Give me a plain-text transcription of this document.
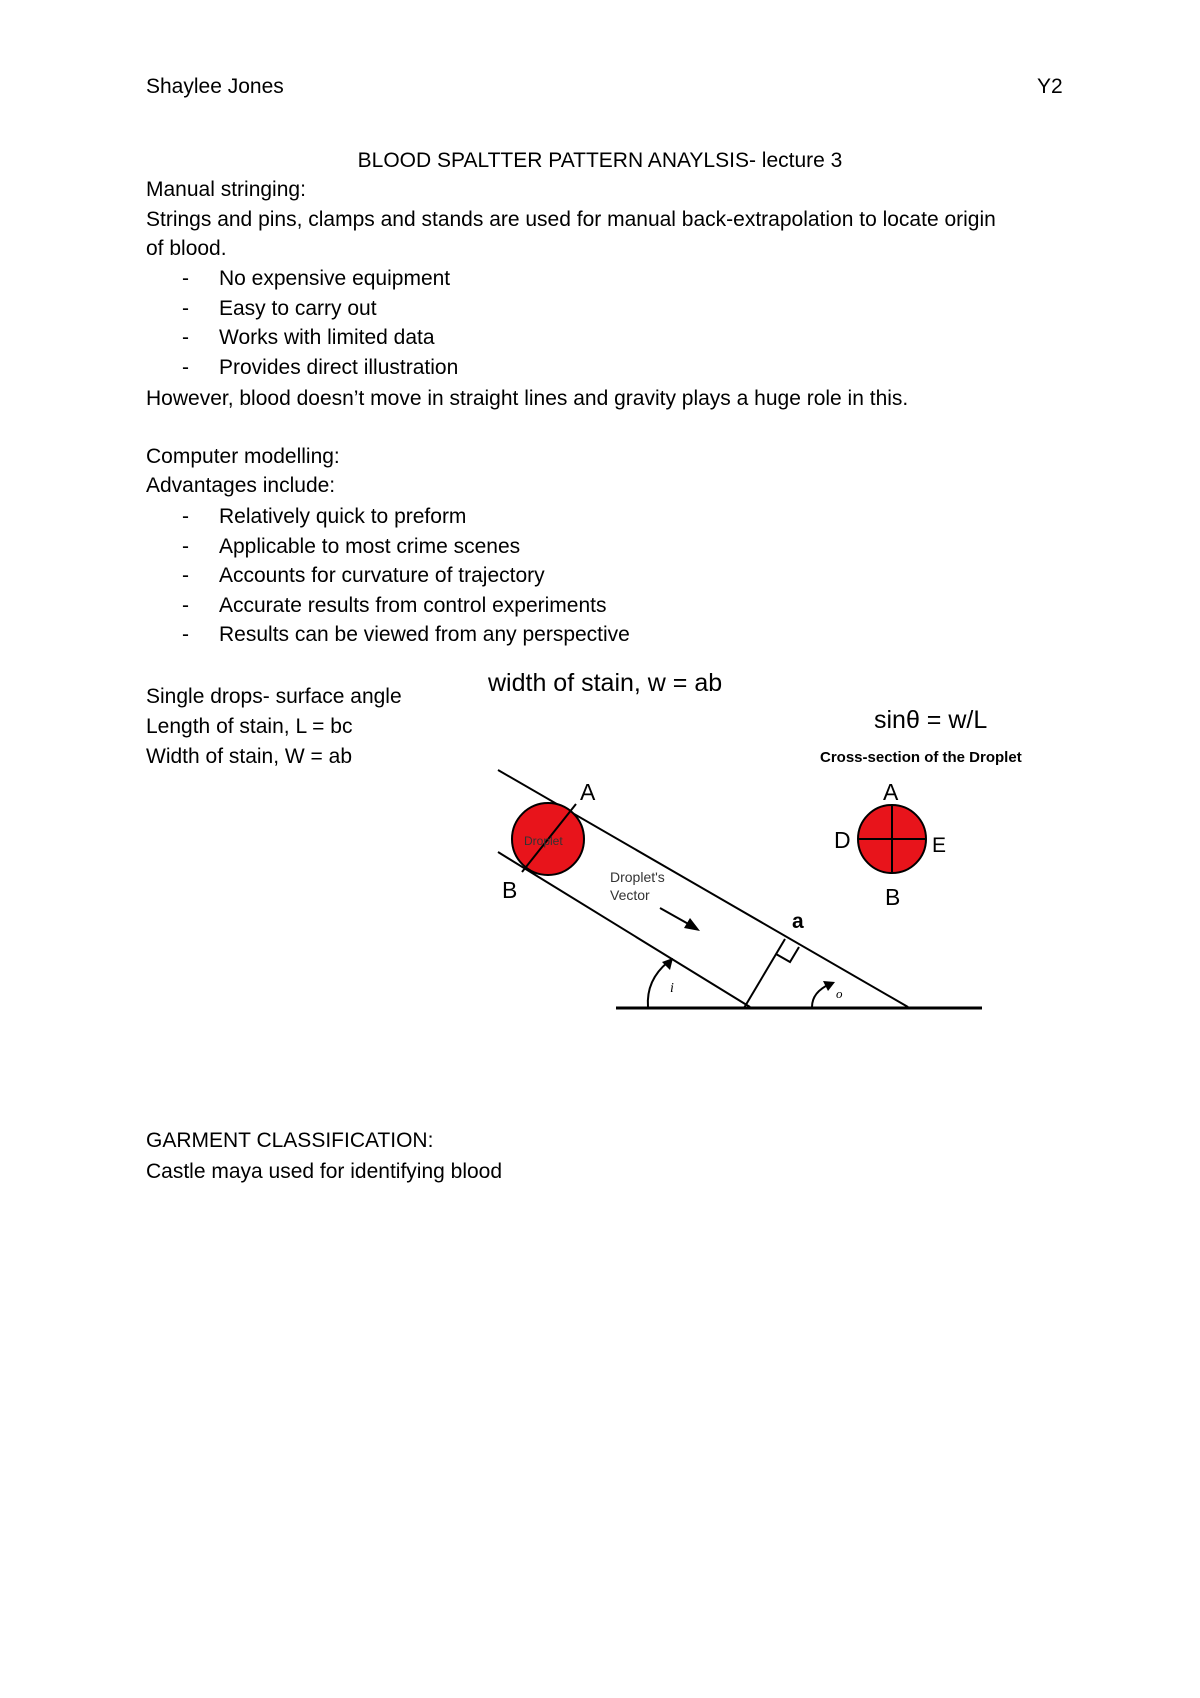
Shaylee Jones	Y2

BLOOD SPALTTER PATTERN ANAYLSIS- lecture 3

Manual stringing:

Strings and pins, clamps and stands are used for manual back-extrapolation to locate origin

of blood.

- No expensive equipment
- Easy to carry out
- Works with limited data
- Provides direct illustration

However, blood doesn’t move in straight lines and gravity plays a huge role in this.

Computer modelling:

Advantages include:

- Relatively quick to preform
- Applicable to most crime scenes
- Accounts for curvature of trajectory
- Accurate results from control experiments
- Results can be viewed from any perspective

Single drops- surface angle

Length of stain, L = bc

Width of stain, W = ab

width of stain, w = ab
sinθ = w/L
Cross-section of the Droplet
Droplet
A
B	Droplet's
Vector
a
i	o
A
B
D	E

GARMENT CLASSIFICATION:

Castle maya used for identifying blood
